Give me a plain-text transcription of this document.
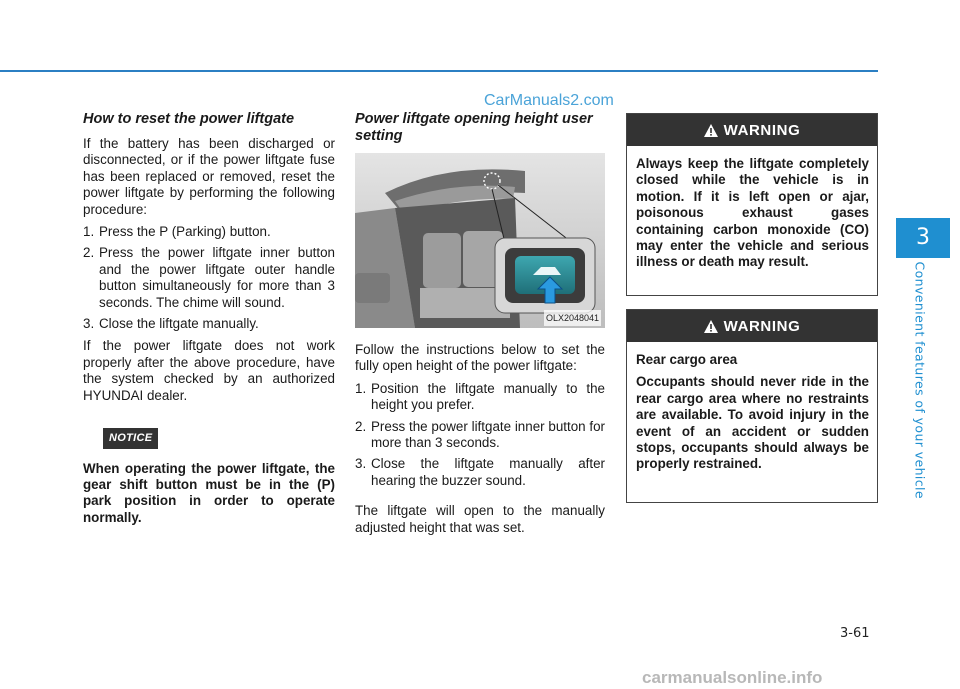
CarManuals2.com
3
Convenient features of your vehicle
How to reset the power liftgate

If the battery has been discharged or disconnected, or if the power liftgate fuse has been replaced or removed, reset the power liftgate by performing the following procedure:

1. Press the P (Parking) button.
2. Press the power liftgate inner button and the power liftgate outer handle button simultaneously for more than 3 seconds. The chime will sound.
3. Close the liftgate manually.

If the power liftgate does not work properly after the above procedure, have the system checked by an authorized HYUNDAI dealer.

NOTICE
When operating the power liftgate, the gear shift button must be in the (P) park position in order to operate normally.
Power liftgate opening height user setting
OLX2048041

Follow the instructions below to set the fully open height of the power liftgate:

1. Position the liftgate manually to the height you prefer.
2. Press the power liftgate inner button for more than 3 seconds.
3. Close the liftgate manually after hearing the buzzer sound.

The liftgate will open to the manually adjusted height that was set.

WARNING

Always keep the liftgate completely closed while the vehicle is in motion. If it is left open or ajar, poisonous exhaust gases containing carbon monoxide (CO) may enter the vehicle and serious illness or death may result.

WARNING

Rear cargo area

Occupants should never ride in the rear cargo area where no restraints are available. To avoid injury in the event of an accident or sudden stops, occupants should always be properly restrained.

3-61
carmanualsonline.info
